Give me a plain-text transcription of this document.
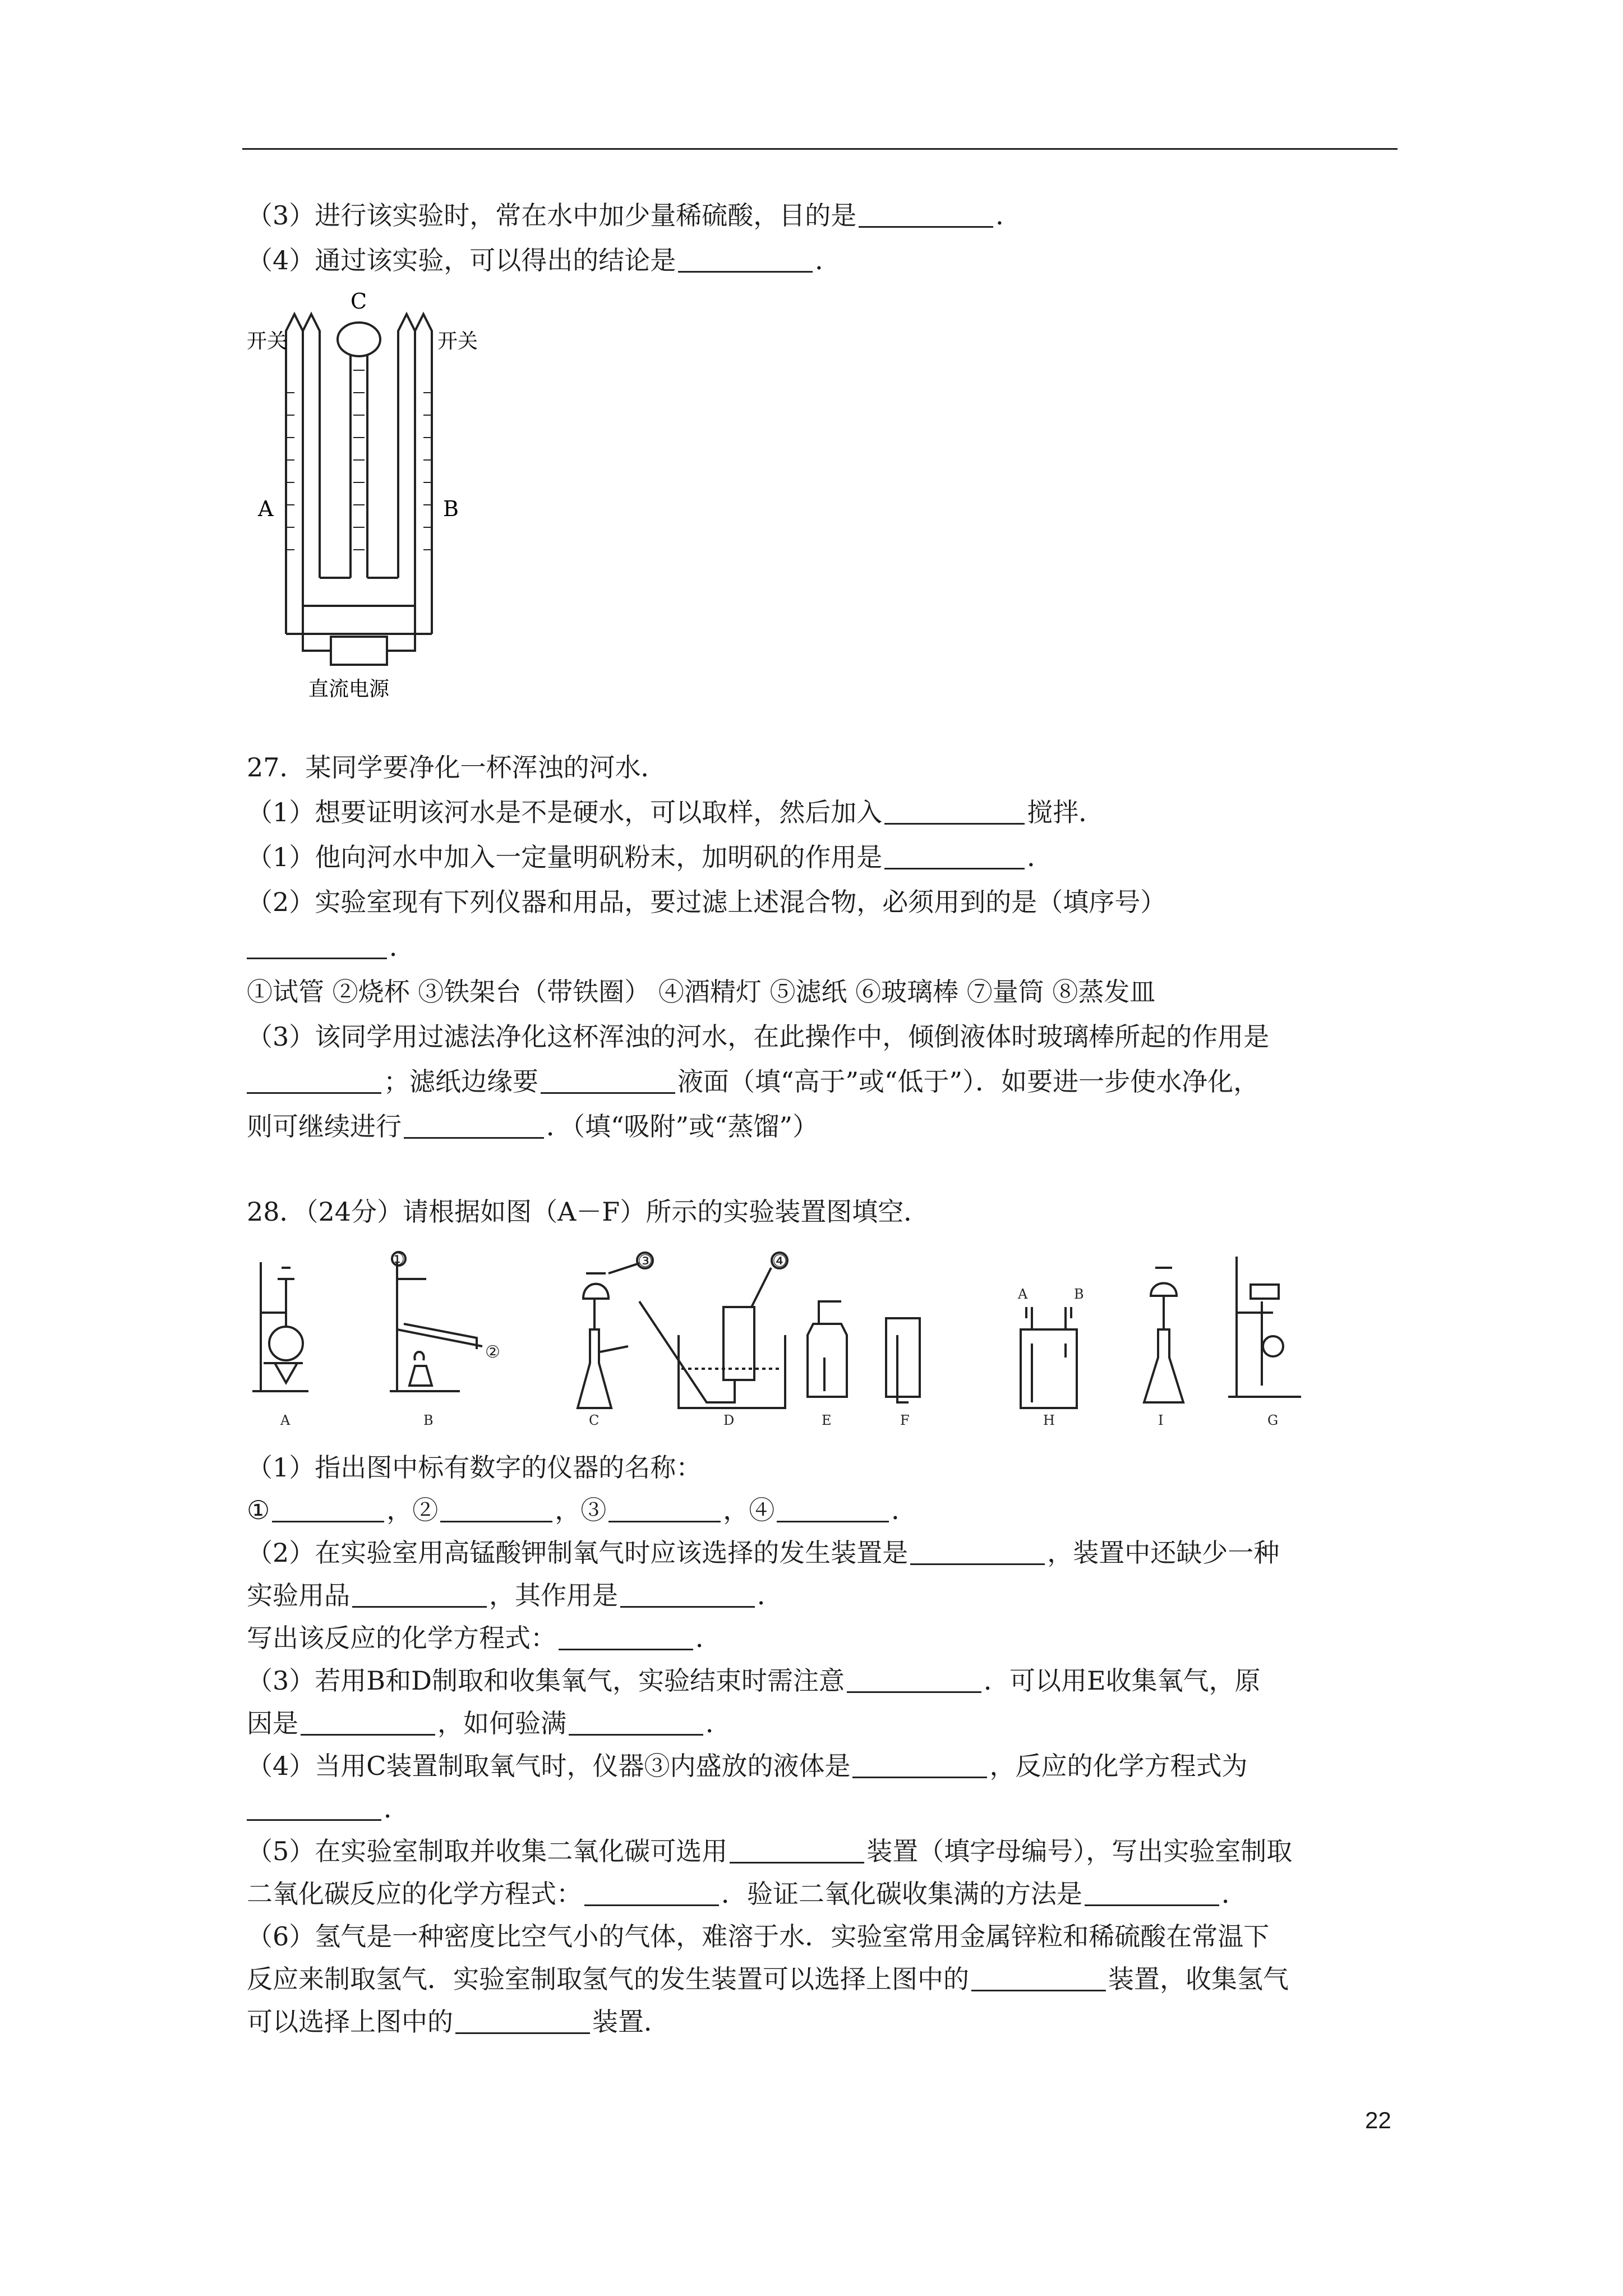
（3）进行该实验时，常在水中加少量稀硫酸，目的是	．
（4）通过该实验，可以得出的结论是	．
C
开关	开关
A	B
直流电源
27．某同学要净化一杯浑浊的河水．
（1）想要证明该河水是不是硬水，可以取样，然后加入	搅拌．
（1）他向河水中加入一定量明矾粉末，加明矾的作用是	．
（2）实验室现有下列仪器和用品，要过滤上述混合物，必须用到的是（填序号）
．
①试管 ②烧杯 ③铁架台（带铁圈） ④酒精灯 ⑤滤纸 ⑥玻璃棒 ⑦量筒 ⑧蒸发皿
（3）该同学用过滤法净化这杯浑浊的河水，在此操作中，倾倒液体时玻璃棒所起的作用是
；滤纸边缘要	液面（填“高于”或“低于”）．如要进一步使水净化，
则可继续进行	．（填“吸附”或“蒸馏”）
28．（24分）请根据如图（A－F）所示的实验装置图填空．
A	B	C	D	E	F	H	I	G
A	B
①
②
③	④
（1）指出图中标有数字的仪器的名称：
①	，②	，③	，④	．
（2）在实验室用高锰酸钾制氧气时应该选择的发生装置是	，装置中还缺少一种
实验用品	，其作用是	．
写出该反应的化学方程式：	．
（3）若用B和D制取和收集氧气，实验结束时需注意	．可以用E收集氧气，原
因是	，如何验满	．
（4）当用C装置制取氧气时，仪器③内盛放的液体是	，反应的化学方程式为
．
（5）在实验室制取并收集二氧化碳可选用	装置（填字母编号），写出实验室制取
二氧化碳反应的化学方程式：	．验证二氧化碳收集满的方法是	．
（6）氢气是一种密度比空气小的气体，难溶于水．实验室常用金属锌粒和稀硫酸在常温下
反应来制取氢气．实验室制取氢气的发生装置可以选择上图中的	装置，收集氢气
可以选择上图中的	装置．
22
